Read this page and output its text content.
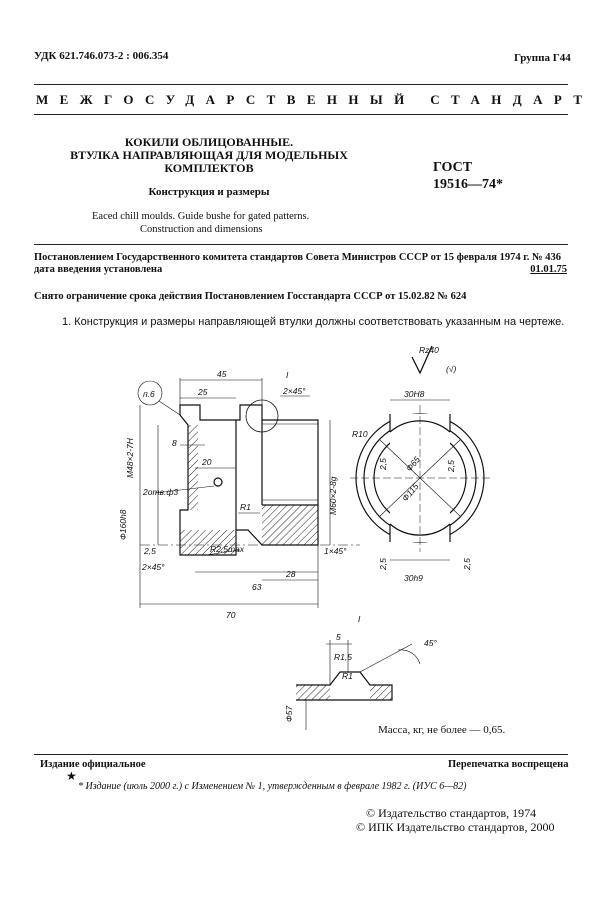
УДК 621.746.073-2 : 006.354	Группа Г44
МЕЖГОСУДАРСТВЕННЫЙ СТАНДАРТ
КОКИЛИ ОБЛИЦОВАННЫЕ.
ВТУЛКА НАПРАВЛЯЮЩАЯ ДЛЯ МОДЕЛЬНЫХ
КОМПЛЕКТОВ
Конструкция и размеры
Eaced chill moulds. Guide bushe for gated patterns.
Construction and dimensions
ГОСТ
19516—74*
Постановлением Государственного комитета стандартов Совета Министров СССР от 15 февраля 1974 г. № 436
дата введения установлена	01.01.75
Снято ограничение срока действия Постановлением Госстандарта СССР от 15.02.82 № 624
1. Конструкция и размеры направляющей втулки должны соответствовать указанным на чертеже.
Rz40
(√)
п.6
45
25
8
20
63
70
28
2×45°
2×45°
1×45°
2отв.ф3
R1
R2,5max
M48×2-7H
M60×2-8g
Ф160h8
2,5
I
30H8
30h9
R10
Ф65
Ф115
2,5	2,5
2,5	2,5
I
5
45°
R1,5
R1
Ф57
Масса, кг, не более — 0,65.
Издание официальное	Перепечатка воспрещена
★
* Издание (июль 2000 г.) с Изменением № 1, утвержденным в феврале 1982 г. (ИУС 6—82)
© Издательство стандартов, 1974
© ИПК Издательство стандартов, 2000
